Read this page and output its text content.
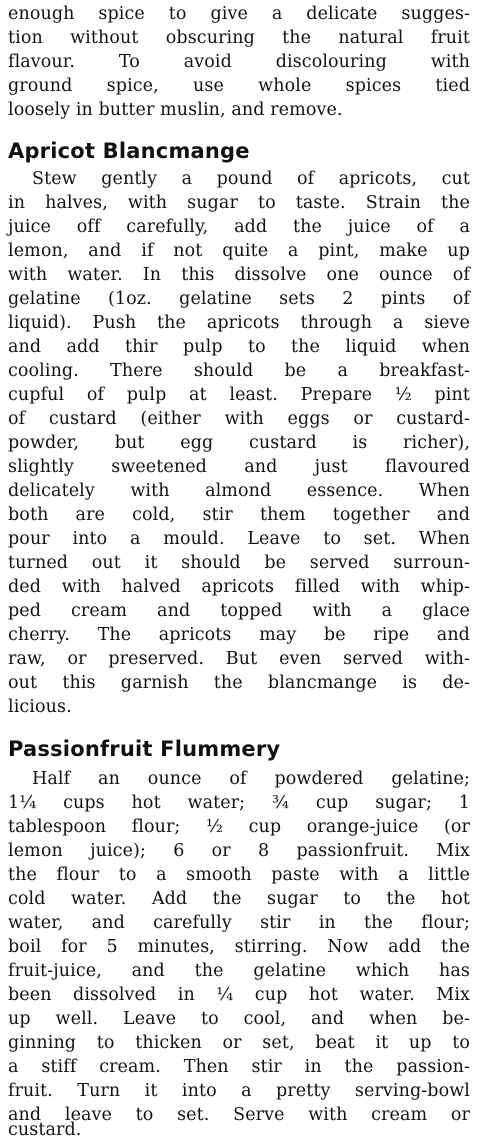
enough spice to give a delicate sugges-
tion without obscuring the natural fruit
flavour. To avoid discolouring with
ground spice, use whole spices tied
loosely in butter muslin, and remove.
Apricot Blancmange
Stew gently a pound of apricots, cut
in halves, with sugar to taste. Strain the
juice off carefully, add the juice of a
lemon, and if not quite a pint, make up
with water. In this dissolve one ounce of
gelatine (1oz. gelatine sets 2 pints of
liquid). Push the apricots through a sieve
and add thir pulp to the liquid when
cooling. There should be a breakfast-
cupful of pulp at least. Prepare ½ pint
of custard (either with eggs or custard-
powder, but egg custard is richer),
slightly sweetened and just flavoured
delicately with almond essence. When
both are cold, stir them together and
pour into a mould. Leave to set. When
turned out it should be served surroun-
ded with halved apricots filled with whip-
ped cream and topped with a glace
cherry. The apricots may be ripe and
raw, or preserved. But even served with-
out this garnish the blancmange is de-
licious.
Passionfruit Flummery
Half an ounce of powdered gelatine;
1¼ cups hot water; ¾ cup sugar; 1
tablespoon flour; ½ cup orange-juice (or
lemon juice); 6 or 8 passionfruit. Mix
the flour to a smooth paste with a little
cold water. Add the sugar to the hot
water, and carefully stir in the flour;
boil for 5 minutes, stirring. Now add the
fruit-juice, and the gelatine which has
been dissolved in ¼ cup hot water. Mix
up well. Leave to cool, and when be-
ginning to thicken or set, beat it up to
a stiff cream. Then stir in the passion-
fruit. Turn it into a pretty serving-bowl
and leave to set. Serve with cream or
custard.
